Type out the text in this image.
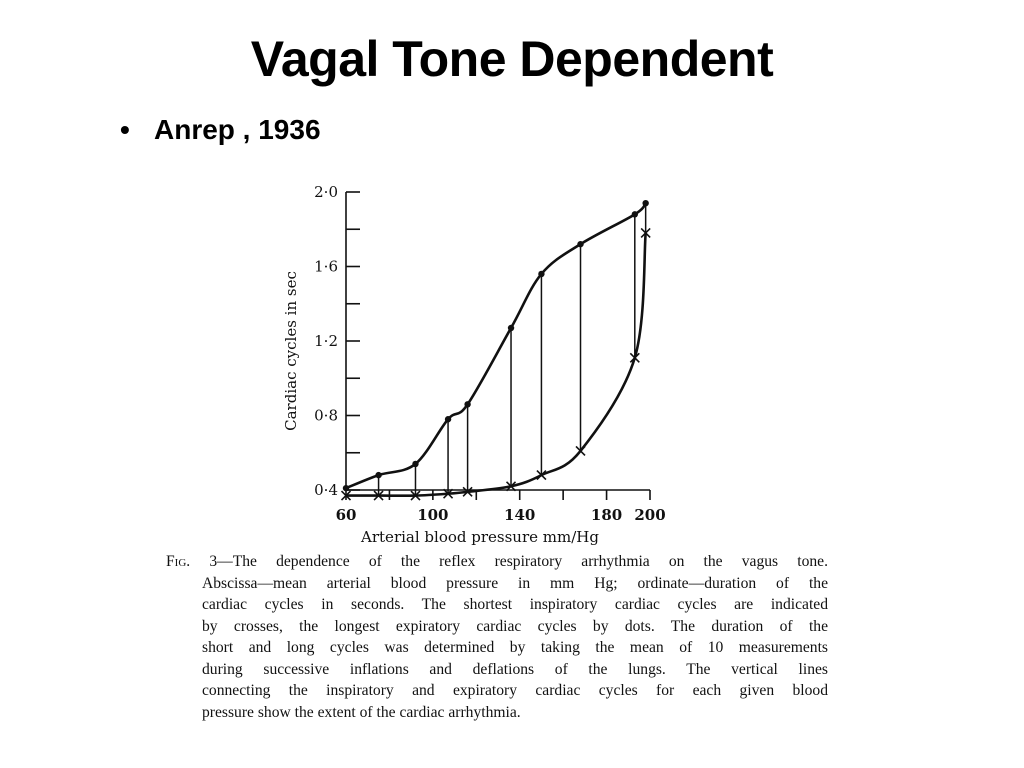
Vagal Tone Dependent
• Anrep , 1936
0·4
0·8
1·2
1·6
2·0
60	100	140	180 200
Arterial blood pressure mm/Hg
Cardiac cycles in sec
Fig. 3—The dependence of the reflex respiratory arrhythmia on the vagus tone.
Abscissa—mean arterial blood pressure in mm Hg; ordinate—duration of the
cardiac cycles in seconds. The shortest inspiratory cardiac cycles are indicated
by crosses, the longest expiratory cardiac cycles by dots. The duration of the
short and long cycles was determined by taking the mean of 10 measurements
during successive inflations and deflations of the lungs. The vertical lines
connecting the inspiratory and expiratory cardiac cycles for each given blood
pressure show the extent of the cardiac arrhythmia.
